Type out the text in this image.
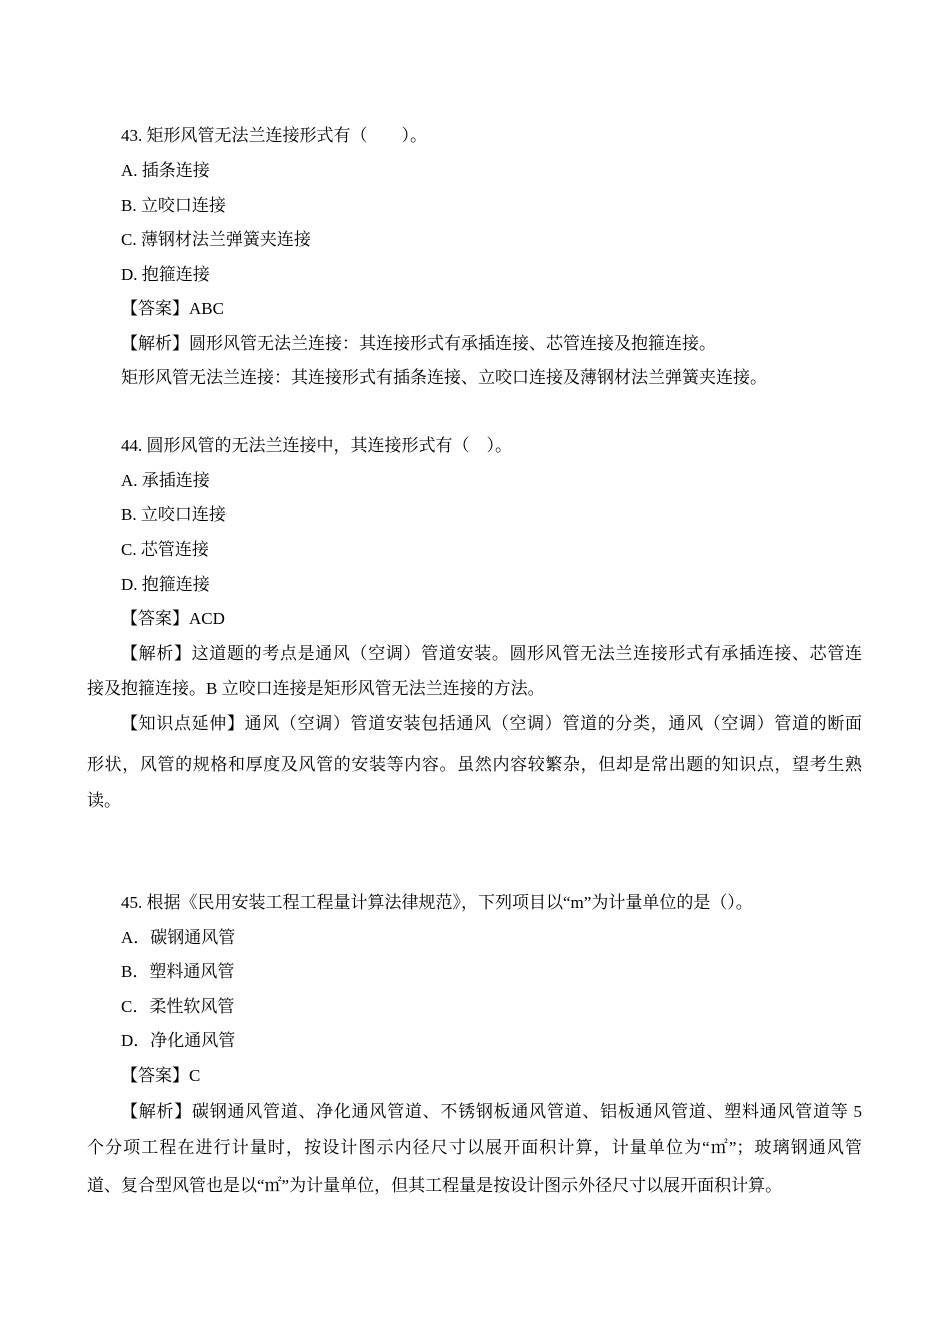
43. 矩形风管无法兰连接形式有（　　）。
A. 插条连接
B. 立咬口连接
C. 薄钢材法兰弹簧夹连接
D. 抱箍连接
【答案】ABC
【解析】圆形风管无法兰连接：其连接形式有承插连接、芯管连接及抱箍连接。
矩形风管无法兰连接：其连接形式有插条连接、立咬口连接及薄钢材法兰弹簧夹连接。
44. 圆形风管的无法兰连接中，其连接形式有（　）。
A. 承插连接
B. 立咬口连接
C. 芯管连接
D. 抱箍连接
【答案】ACD
【解析】这道题的考点是通风（空调）管道安装。圆形风管无法兰连接形式有承插连接、芯管连
接及抱箍连接。B 立咬口连接是矩形风管无法兰连接的方法。
【知识点延伸】通风（空调）管道安装包括通风（空调）管道的分类，通风（空调）管道的断面
形状，风管的规格和厚度及风管的安装等内容。虽然内容较繁杂，但却是常出题的知识点，望考生熟
读。
45. 根据《民用安装工程工程量计算法律规范》，下列项目以“m”为计量单位的是（）。
A．碳钢通风管
B．塑料通风管
C．柔性软风管
D．净化通风管
【答案】C
【解析】碳钢通风管道、净化通风管道、不锈钢板通风管道、铝板通风管道、塑料通风管道等 5
个分项工程在进行计量时，按设计图示内径尺寸以展开面积计算，计量单位为“㎡”；玻璃钢通风管
道、复合型风管也是以“㎡”为计量单位，但其工程量是按设计图示外径尺寸以展开面积计算。
